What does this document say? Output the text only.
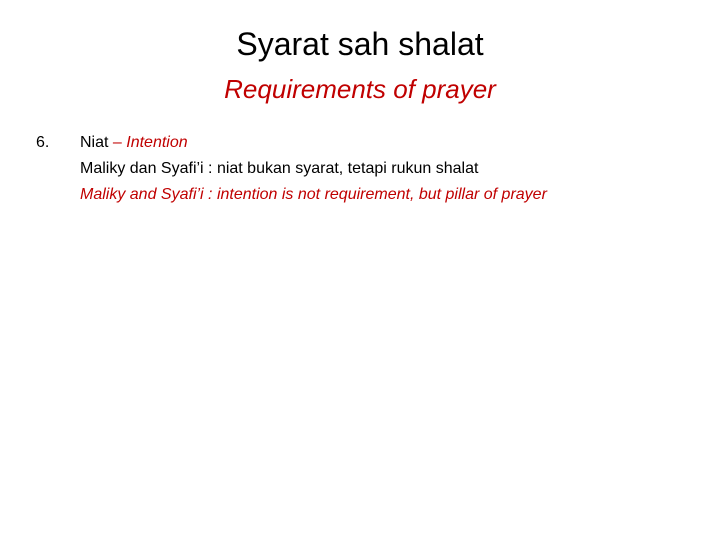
Syarat sah shalat
Requirements of prayer
6.	Niat – Intention
Maliky dan Syafi’i : niat bukan syarat, tetapi rukun shalat
Maliky and Syafi’i : intention is not requirement, but pillar of prayer
